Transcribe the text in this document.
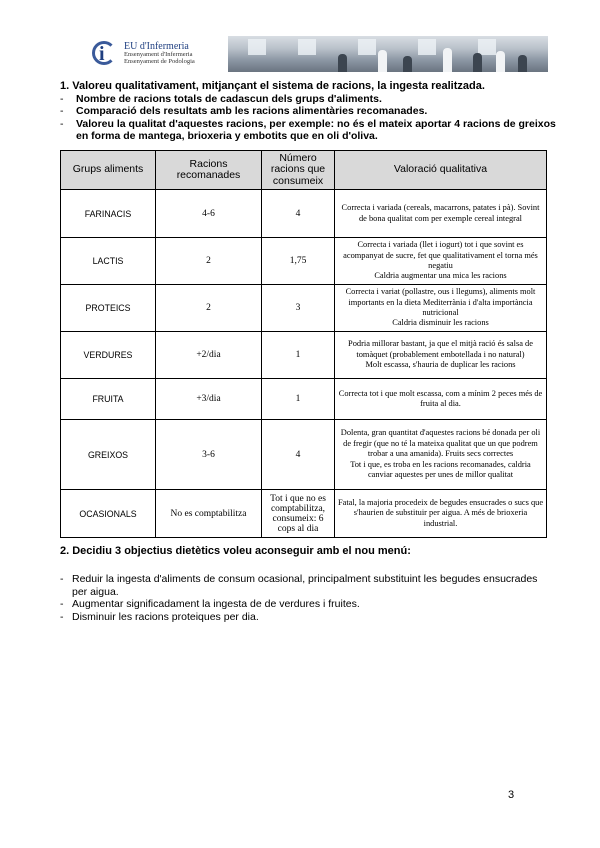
i EU d'Infermeria
Ensenyament d'Infermeria
Ensenyament de Podologia
1. Valoreu qualitativament, mitjançant el sistema de racions, la ingesta realitzada.
- Nombre de racions totals de cadascun dels grups d'aliments.
- Comparació dels resultats amb les racions alimentàries recomanades.
- Valoreu la qualitat d'aquestes racions, per exemple: no és el mateix aportar 4 racions de greixos en forma de mantega, brioxeria y embotits que en oli d'oliva.
Grups aliments	Racions recomanades	Número racions que consumeix	Valoració qualitativa
FARINACIS	4-6	4	Correcta i variada (cereals, macarrons, patates i pà). Sovint de bona qualitat com per exemple cereal integral
LACTIS	2	1,75	Correcta i variada (llet i iogurt) tot i que sovint es acompanyat de sucre, fet que qualitativament el torna més negatiu
Caldria augmentar una mica les racions
PROTEICS	2	3	Correcta i variat (pollastre, ous i llegums), aliments molt importants en la dieta Mediterrània i d'alta importància nutricional
Caldria disminuir les racions
VERDURES	+2/dia	1	Podria millorar bastant, ja que el mitjà ració és salsa de tomàquet (probablement embotellada i no natural)
Molt escassa, s'hauria de duplicar les racions
FRUITA	+3/dia	1	Correcta tot i que molt escassa, com a mínim 2 peces més de fruita al dia.
GREIXOS	3-6	4	Dolenta, gran quantitat d'aquestes racions bé donada per oli de fregir (que no té la mateixa qualitat que un que podrem trobar a una amanida). Fruits secs correctes
Tot i que, es troba en les racions recomanades, caldria canviar aquestes per unes de millor qualitat
OCASIONALS	No es comptabilitza	Tot i que no es comptabilitza, consumeix: 6 cops al dia	Fatal, la majoria procedeix de begudes ensucrades o sucs que s'haurien de substituir per aigua. A més de brioxeria industrial.
2. Decidiu 3 objectius dietètics voleu aconseguir amb el nou menú:
- Reduir la ingesta d'aliments de consum ocasional, principalment substituint les begudes ensucrades per aigua.
- Augmentar significadament la ingesta de de verdures i fruites.
- Disminuir les racions proteiques per dia.
3
